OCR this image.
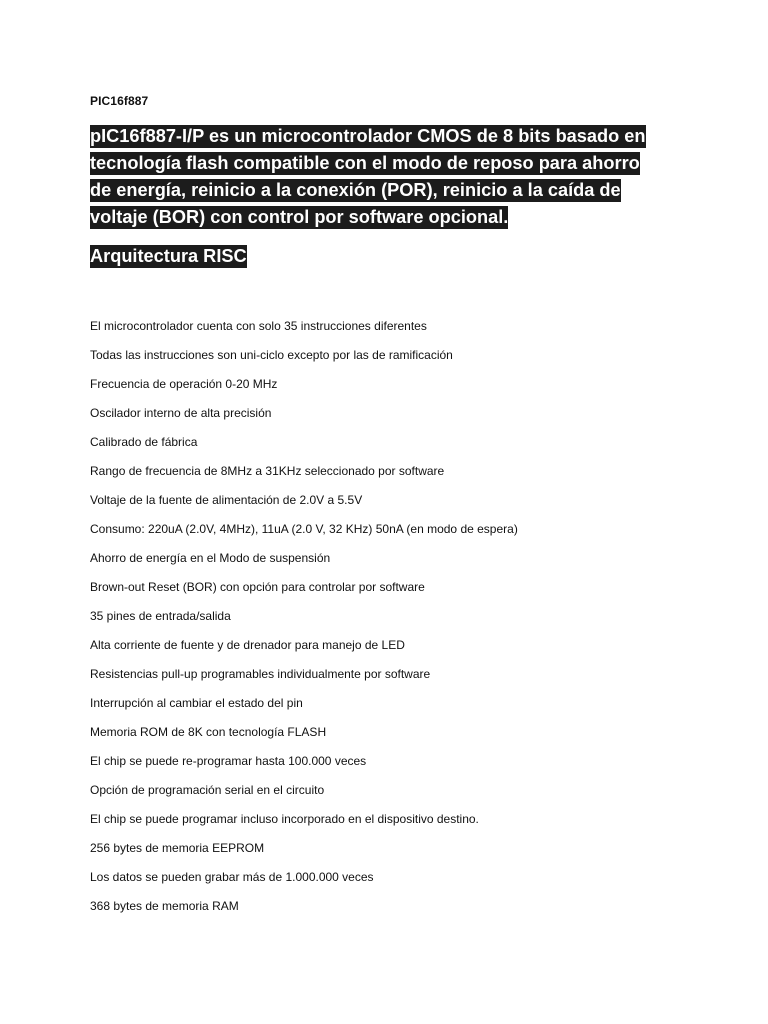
PIC16f887

pIC16f887-I/P es un microcontrolador CMOS de 8 bits basado en tecnología flash compatible con el modo de reposo para ahorro de energía, reinicio a la conexión (POR), reinicio a la caída de voltaje (BOR) con control por software opcional.

Arquitectura RISC
El microcontrolador cuenta con solo 35 instrucciones diferentes
Todas las instrucciones son uni-ciclo excepto por las de ramificación
Frecuencia de operación 0-20 MHz
Oscilador interno de alta precisión
Calibrado de fábrica
Rango de frecuencia de 8MHz a 31KHz seleccionado por software
Voltaje de la fuente de alimentación de 2.0V a 5.5V
Consumo: 220uA (2.0V, 4MHz), 11uA (2.0 V, 32 KHz) 50nA (en modo de espera)
Ahorro de energía en el Modo de suspensión
Brown-out Reset (BOR) con opción para controlar por software
35 pines de entrada/salida
Alta corriente de fuente y de drenador para manejo de LED
Resistencias pull-up programables individualmente por software
Interrupción al cambiar el estado del pin
Memoria ROM de 8K con tecnología FLASH
El chip se puede re-programar hasta 100.000 veces
Opción de programación serial en el circuito
El chip se puede programar incluso incorporado en el dispositivo destino.
256 bytes de memoria EEPROM
Los datos se pueden grabar más de 1.000.000 veces
368 bytes de memoria RAM
